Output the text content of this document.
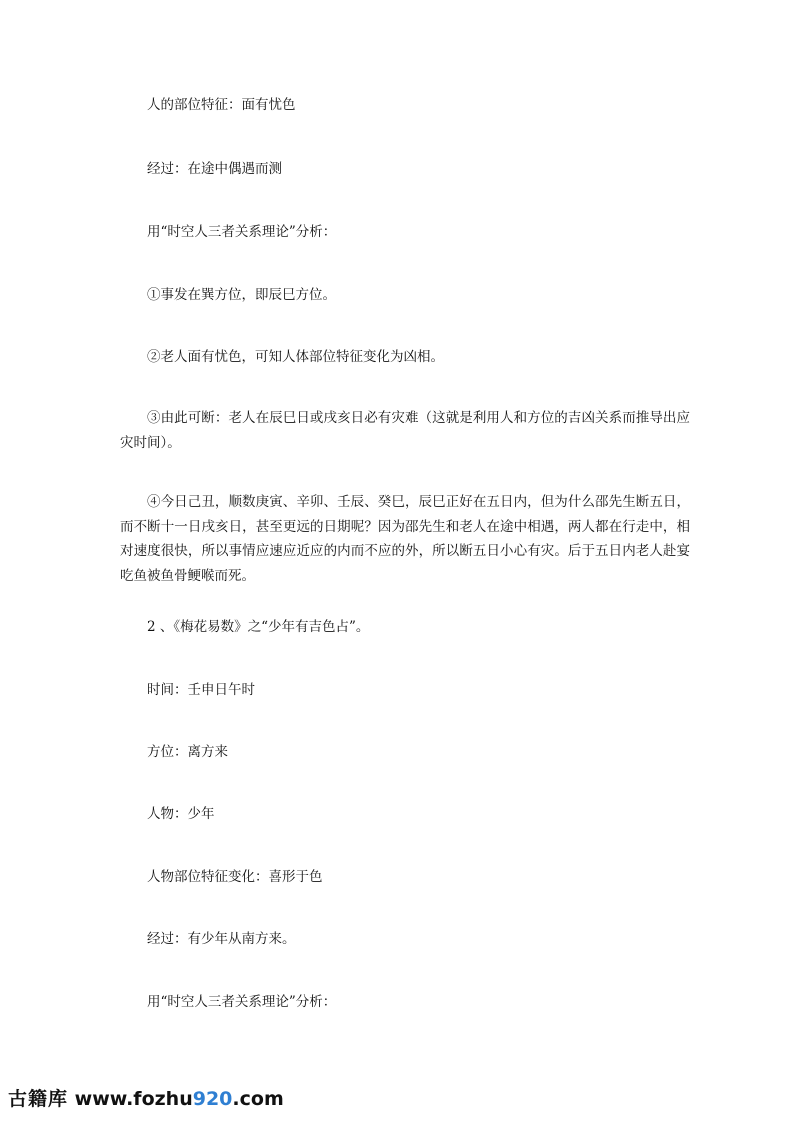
人的部位特征：面有忧色

经过：在途中偶遇而测

用“时空人三者关系理论”分析：

①事发在巽方位，即辰巳方位。

②老人面有忧色，可知人体部位特征变化为凶相。

③由此可断：老人在辰巳日或戌亥日必有灾难（这就是利用人和方位的吉凶关系而推导出应灾时间）。

④今日己丑，顺数庚寅、辛卯、壬辰、癸巳，辰巳正好在五日内，但为什么邵先生断五日，而不断十一日戌亥日，甚至更远的日期呢？因为邵先生和老人在途中相遇，两人都在行走中，相对速度很快，所以事情应速应近应的内而不应的外，所以断五日小心有灾。后于五日内老人赴宴吃鱼被鱼骨鲠喉而死。

2 、《梅花易数》之“少年有吉色占”。

时间：壬申日午时

方位：离方来

人物：少年

人物部位特征变化：喜形于色

经过：有少年从南方来。

用“时空人三者关系理论”分析：

古籍库 www.fozhu920.com
